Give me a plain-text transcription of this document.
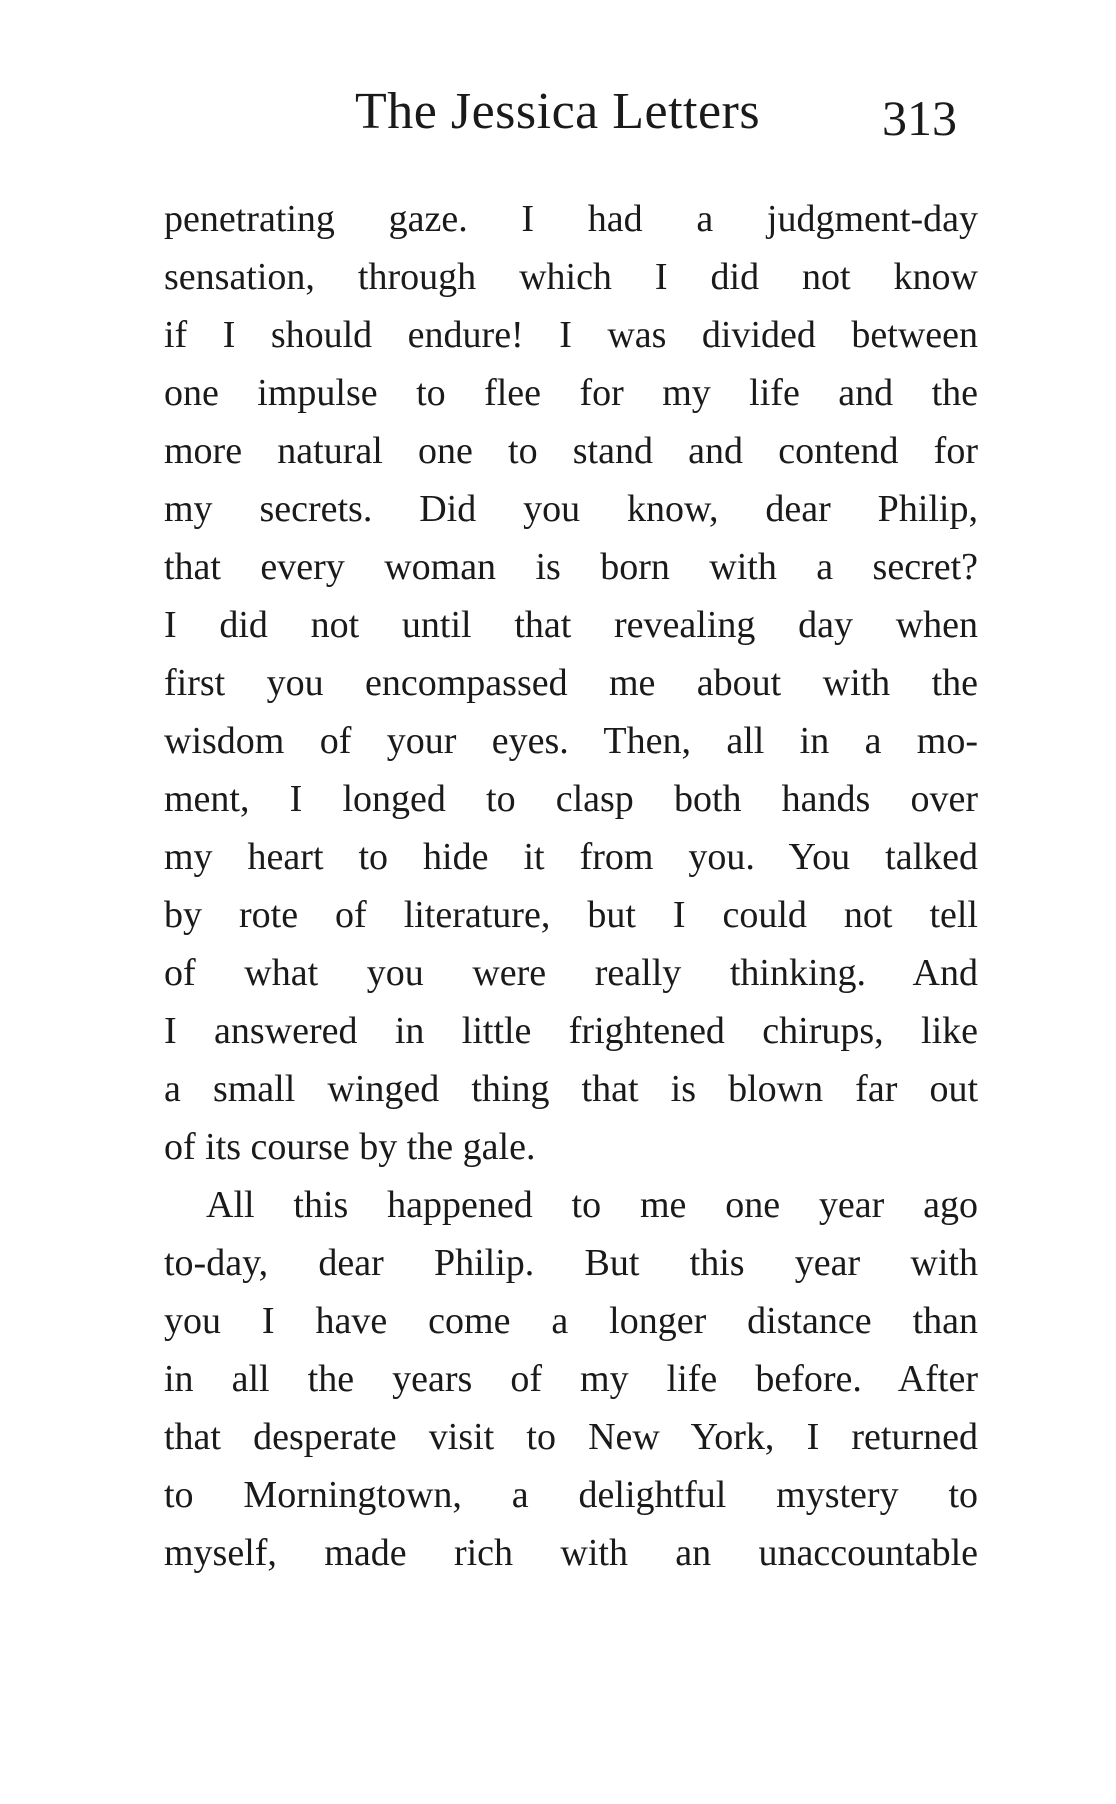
The Jessica Letters 313
penetrating gaze. I had a judgment-day
sensation, through which I did not know
if I should endure! I was divided between
one impulse to flee for my life and the
more natural one to stand and contend for
my secrets. Did you know, dear Philip,
that every woman is born with a secret?
I did not until that revealing day when
first you encompassed me about with the
wisdom of your eyes. Then, all in a mo-
ment, I longed to clasp both hands over
my heart to hide it from you. You talked
by rote of literature, but I could not tell
of what you were really thinking. And
I answered in little frightened chirups, like
a small winged thing that is blown far out
of its course by the gale.
All this happened to me one year ago
to-day, dear Philip. But this year with
you I have come a longer distance than
in all the years of my life before. After
that desperate visit to New York, I returned
to Morningtown, a delightful mystery to
myself, made rich with an unaccountable
